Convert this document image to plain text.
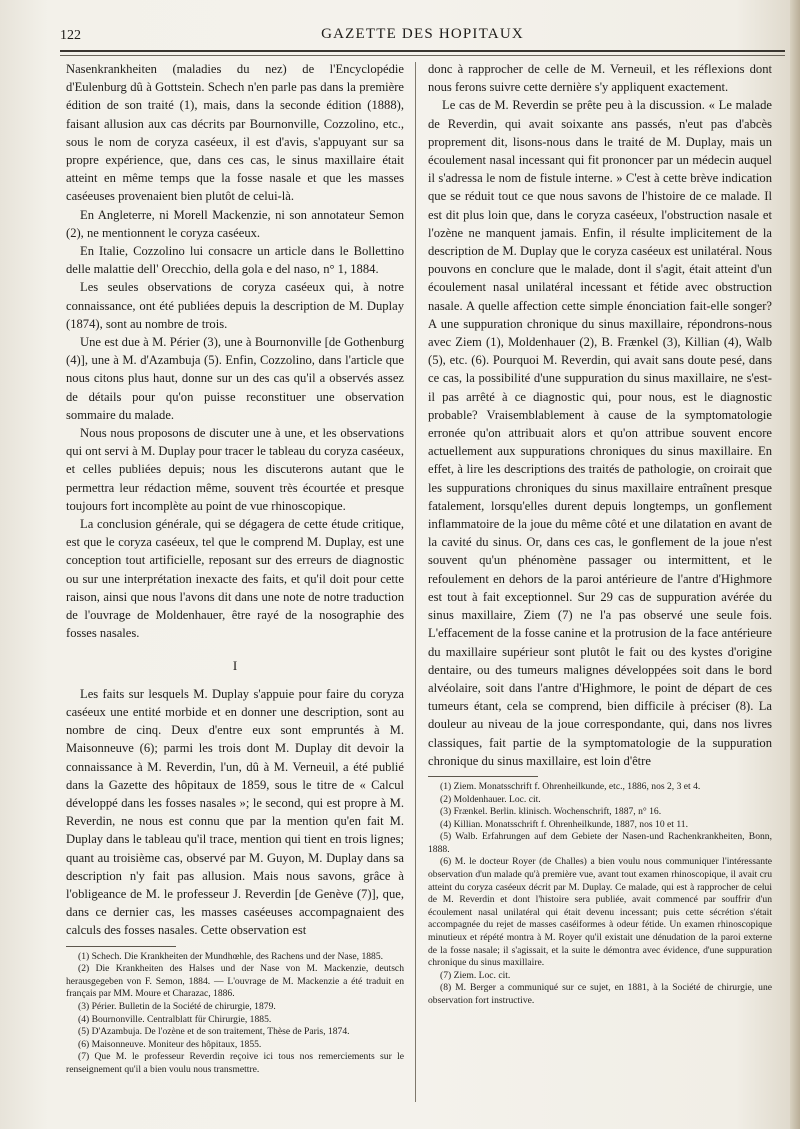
122	GAZETTE DES HOPITAUX

Nasenkrankheiten (maladies du nez) de l'Encyclopédie d'Eulenburg dû à Gottstein. Schech n'en parle pas dans la première édition de son traité (1), mais, dans la seconde édition (1888), faisant allusion aux cas décrits par Bournonville, Cozzolino, etc., sous le nom de coryza caséeux, il est d'avis, s'appuyant sur sa propre expérience, que, dans ces cas, le sinus maxillaire était atteint en même temps que la fosse nasale et que les masses caséeuses provenaient bien plutôt de celui-là.

En Angleterre, ni Morell Mackenzie, ni son annotateur Semon (2), ne mentionnent le coryza caséeux.

En Italie, Cozzolino lui consacre un article dans le Bollettino delle malattie dell' Orecchio, della gola e del naso, n° 1, 1884.

Les seules observations de coryza caséeux qui, à notre connaissance, ont été publiées depuis la description de M. Duplay (1874), sont au nombre de trois.

Une est due à M. Périer (3), une à Bournonville [de Gothenburg (4)], une à M. d'Azambuja (5). Enfin, Cozzolino, dans l'article que nous citons plus haut, donne sur un des cas qu'il a observés assez de détails pour qu'on puisse reconstituer une observation sommaire du malade.

Nous nous proposons de discuter une à une, et les observations qui ont servi à M. Duplay pour tracer le tableau du coryza caséeux, et celles publiées depuis; nous les discuterons autant que le permettra leur rédaction même, souvent très écourtée et presque toujours fort incomplète au point de vue rhinoscopique.

La conclusion générale, qui se dégagera de cette étude critique, est que le coryza caséeux, tel que le comprend M. Duplay, est une conception tout artificielle, reposant sur des erreurs de diagnostic ou sur une interprétation inexacte des faits, et qu'il doit pour cette raison, ainsi que nous l'avons dit dans une note de notre traduction de l'ouvrage de Moldenhauer, être rayé de la nosographie des fosses nasales.

I

Les faits sur lesquels M. Duplay s'appuie pour faire du coryza caséeux une entité morbide et en donner une description, sont au nombre de cinq. Deux d'entre eux sont empruntés à M. Maisonneuve (6); parmi les trois dont M. Duplay dit devoir la connaissance à M. Reverdin, l'un, dû à M. Verneuil, a été publié dans la Gazette des hôpitaux de 1859, sous le titre de « Calcul développé dans les fosses nasales »; le second, qui est propre à M. Reverdin, ne nous est connu que par la mention qu'en fait M. Duplay dans le tableau qu'il trace, mention qui tient en trois lignes; quant au troisième cas, observé par M. Guyon, M. Duplay dans sa description n'y fait pas allusion. Mais nous savons, grâce à l'obligeance de M. le professeur J. Reverdin [de Genève (7)], que, dans ce dernier cas, les masses caséeuses accompagnaient des calculs des fosses nasales. Cette observation est

(1) Schech. Die Krankheiten der Mundhœhle, des Rachens und der Nase, 1885.
(2) Die Krankheiten des Halses und der Nase von M. Mackenzie, deutsch herausgegeben von F. Semon, 1884. — L'ouvrage de M. Mackenzie a été traduit en français par MM. Moure et Charazac, 1886.
(3) Périer. Bulletin de la Société de chirurgie, 1879.
(4) Bournonville. Centralblatt für Chirurgie, 1885.
(5) D'Azambuja. De l'ozène et de son traitement, Thèse de Paris, 1874.
(6) Maisonneuve. Moniteur des hôpitaux, 1855.
(7) Que M. le professeur Reverdin reçoive ici tous nos remerciements sur le renseignement qu'il a bien voulu nous transmettre.

donc à rapprocher de celle de M. Verneuil, et les réflexions dont nous ferons suivre cette dernière s'y appliquent exactement.

Le cas de M. Reverdin se prête peu à la discussion. « Le malade de Reverdin, qui avait soixante ans passés, n'eut pas d'abcès proprement dit, lisons-nous dans le traité de M. Duplay, mais un écoulement nasal incessant qui fit prononcer par un médecin auquel il s'adressa le nom de fistule interne. » C'est à cette brève indication que se réduit tout ce que nous savons de l'histoire de ce malade. Il est dit plus loin que, dans le coryza caséeux, l'obstruction nasale et l'ozène ne manquent jamais. Enfin, il résulte implicitement de la description de M. Duplay que le coryza caséeux est unilatéral. Nous pouvons en conclure que le malade, dont il s'agit, était atteint d'un écoulement nasal unilatéral incessant et fétide avec obstruction nasale. A quelle affection cette simple énonciation fait-elle songer? A une suppuration chronique du sinus maxillaire, répondrons-nous avec Ziem (1), Moldenhauer (2), B. Frænkel (3), Killian (4), Walb (5), etc. (6). Pourquoi M. Reverdin, qui avait sans doute pesé, dans ce cas, la possibilité d'une suppuration du sinus maxillaire, ne s'est-il pas arrêté à ce diagnostic qui, pour nous, est le diagnostic probable? Vraisemblablement à cause de la symptomatologie erronée qu'on attribuait alors et qu'on attribue souvent encore actuellement aux suppurations chroniques du sinus maxillaire. En effet, à lire les descriptions des traités de pathologie, on croirait que les suppurations chroniques du sinus maxillaire entraînent presque fatalement, lorsqu'elles durent depuis longtemps, un gonflement inflammatoire de la joue du même côté et une dilatation en avant de la cavité du sinus. Or, dans ces cas, le gonflement de la joue n'est souvent qu'un phénomène passager ou intermittent, et le refoulement en dehors de la paroi antérieure de l'antre d'Highmore est tout à fait exceptionnel. Sur 29 cas de suppuration avérée du sinus maxillaire, Ziem (7) ne l'a pas observé une seule fois. L'effacement de la fosse canine et la protrusion de la face antérieure du maxillaire supérieur sont plutôt le fait ou des kystes d'origine dentaire, ou des tumeurs malignes développées soit dans le bord alvéolaire, soit dans l'antre d'Highmore, le point de départ de ces tumeurs étant, cela se comprend, bien difficile à préciser (8). La douleur au niveau de la joue correspondante, qui, dans nos livres classiques, fait partie de la symptomatologie de la suppuration chronique du sinus maxillaire, est loin d'être

(1) Ziem. Monatsschrift f. Ohrenheilkunde, etc., 1886, nos 2, 3 et 4.
(2) Moldenhauer. Loc. cit.
(3) Frænkel. Berlin. klinisch. Wochenschrift, 1887, n° 16.
(4) Killian. Monatsschrift f. Ohrenheilkunde, 1887, nos 10 et 11.
(5) Walb. Erfahrungen auf dem Gebiete der Nasen-und Rachenkrankheiten, Bonn, 1888.
(6) M. le docteur Royer (de Challes) a bien voulu nous communiquer l'intéressante observation d'un malade qu'à première vue, avant tout examen rhinoscopique, il avait cru atteint du coryza caséeux décrit par M. Duplay. Ce malade, qui est à rapprocher de celui de M. Reverdin et dont l'histoire sera publiée, avait commencé par souffrir d'un écoulement nasal unilatéral qui était devenu incessant; puis cette sécrétion s'était accompagnée du rejet de masses caséiformes à odeur fétide. Un examen rhinoscopique minutieux et répété montra à M. Royer qu'il existait une dénudation de la paroi externe de la fosse nasale; il s'agissait, et la suite le démontra avec évidence, d'une suppuration chronique du sinus maxillaire.
(7) Ziem. Loc. cit.
(8) M. Berger a communiqué sur ce sujet, en 1881, à la Société de chirurgie, une observation fort instructive.
